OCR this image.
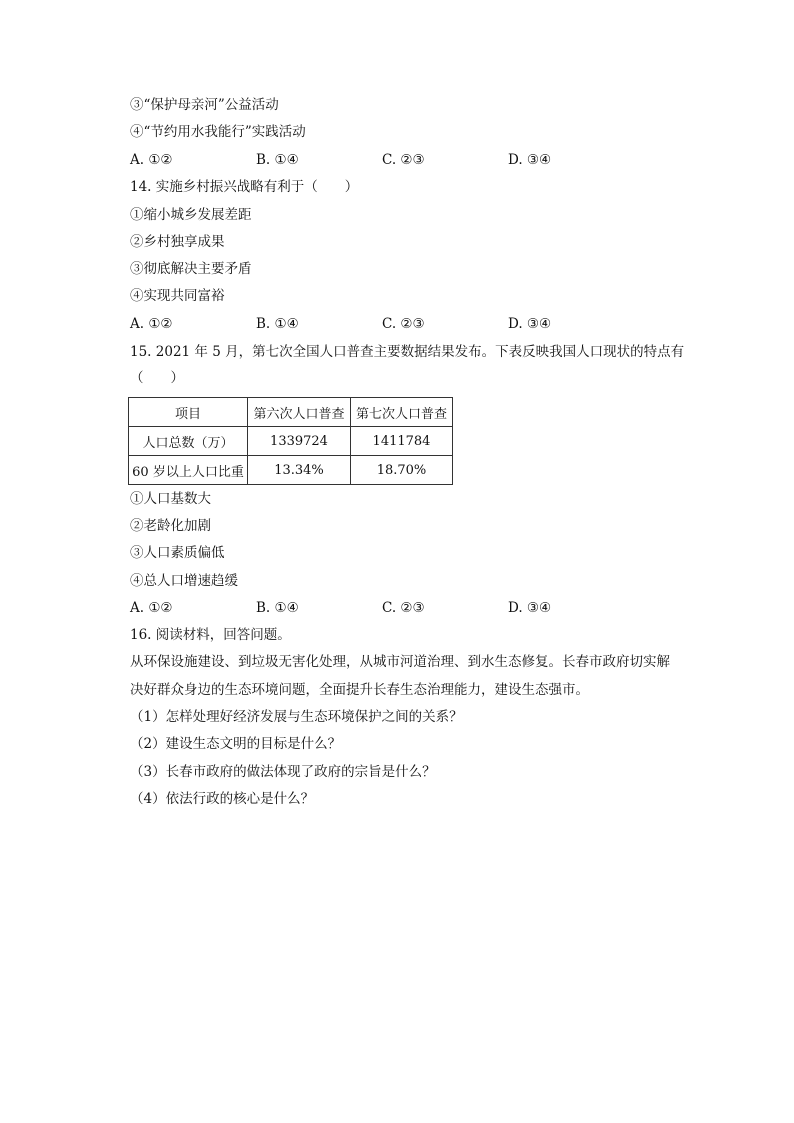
③“保护母亲河”公益活动
④“节约用水我能行”实践活动
A. ①②	B. ①④	C. ②③	D. ③④
14. 实施乡村振兴战略有利于（　　）
①缩小城乡发展差距
②乡村独享成果
③彻底解决主要矛盾
④实现共同富裕
A. ①②	B. ①④	C. ②③	D. ③④
15. 2021 年 5 月，第七次全国人口普查主要数据结果发布。下表反映我国人口现状的特点有
（　　）
项目	第六次人口普查	第七次人口普查
人口总数（万）	1339724	1411784
60 岁以上人口比重	13.34%	18.70%
①人口基数大
②老龄化加剧
③人口素质偏低
④总人口增速趋缓
A. ①②	B. ①④	C. ②③	D. ③④
16. 阅读材料，回答问题。
从环保设施建设、到垃圾无害化处理，从城市河道治理、到水生态修复。长春市政府切实解
决好群众身边的生态环境问题，全面提升长春生态治理能力，建设生态强市。
（1）怎样处理好经济发展与生态环境保护之间的关系？
（2）建设生态文明的目标是什么？
（3）长春市政府的做法体现了政府的宗旨是什么？
（4）依法行政的核心是什么？
